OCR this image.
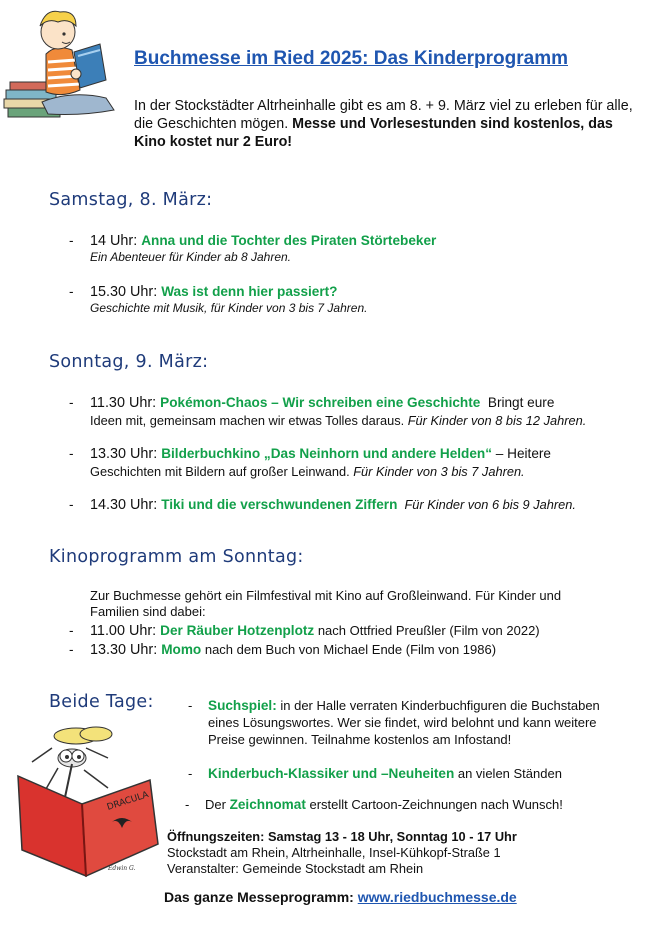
Buchmesse im Ried 2025: Das Kinderprogramm
In der Stockstädter Altrheinhalle gibt es am 8. + 9. März viel zu erleben für alle, die Geschichten mögen. Messe und Vorlesestunden sind kostenlos, das Kino kostet nur 2 Euro!
Samstag, 8. März:
- 14 Uhr: Anna und die Tochter des Piraten Störtebeker
Ein Abenteuer für Kinder ab 8 Jahren.
- 15.30 Uhr: Was ist denn hier passiert?
Geschichte mit Musik, für Kinder von 3 bis 7 Jahren.
Sonntag, 9. März:
- 11.30 Uhr: Pokémon-Chaos – Wir schreiben eine Geschichte  Bringt eure
Ideen mit, gemeinsam machen wir etwas Tolles daraus. Für Kinder von 8 bis 12 Jahren.
- 13.30 Uhr: Bilderbuchkino „Das Neinhorn und andere Helden“ – Heitere
Geschichten mit Bildern auf großer Leinwand. Für Kinder von 3 bis 7 Jahren.
- 14.30 Uhr: Tiki und die verschwundenen Ziffern  Für Kinder von 6 bis 9 Jahren.
Kinoprogramm am Sonntag:
Zur Buchmesse gehört ein Filmfestival mit Kino auf Großleinwand. Für Kinder und
Familien sind dabei:
- 11.00 Uhr: Der Räuber Hotzenplotz nach Ottfried Preußler (Film von 2022)
- 13.30 Uhr: Momo nach dem Buch von Michael Ende (Film von 1986)
Beide Tage:	- Suchspiel: in der Halle verraten Kinderbuchfiguren die Buchstaben
eines Lösungswortes. Wer sie findet, wird belohnt und kann weitere
Preise gewinnen. Teilnahme kostenlos am Infostand!
- Kinderbuch-Klassiker und –Neuheiten an vielen Ständen
- Der Zeichnomat erstellt Cartoon-Zeichnungen nach Wunsch!
DRACULA
Edwin G.
Öffnungszeiten: Samstag 13 - 18 Uhr, Sonntag 10 - 17 Uhr
Stockstadt am Rhein, Altrheinhalle, Insel-Kühkopf-Straße 1
Veranstalter: Gemeinde Stockstadt am Rhein
Das ganze Messeprogramm: www.riedbuchmesse.de
